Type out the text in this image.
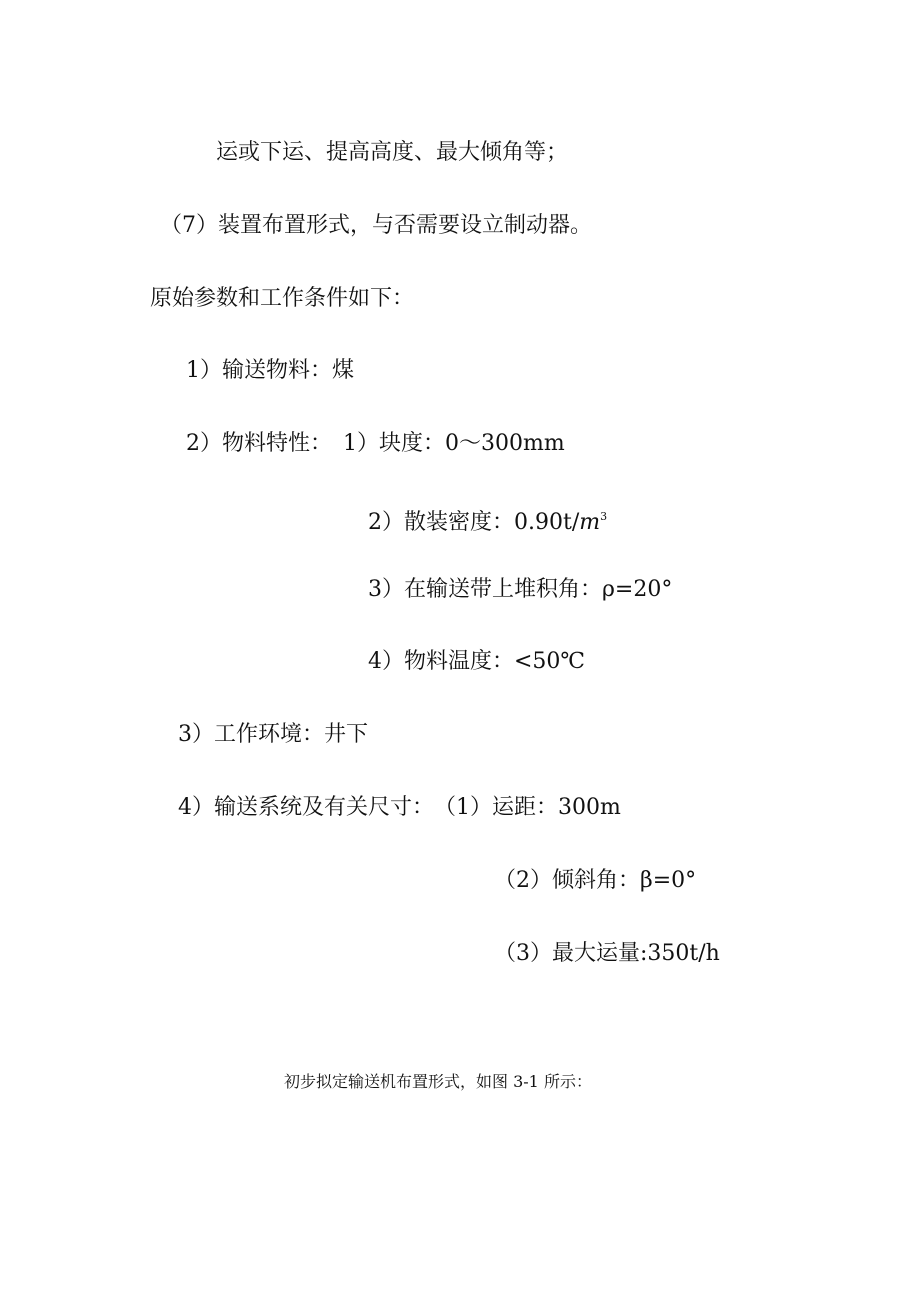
运或下运、提高高度、最大倾角等；
（7）装置布置形式，与否需要设立制动器。
原始参数和工作条件如下：
1）输送物料：煤
2）物料特性：　1）块度：0～300mm
2）散装密度：$0.90t/m^3$
3）在输送带上堆积角：ρ=20°
4）物料温度：<50℃
3）工作环境：井下
4）输送系统及有关尺寸：　（1）运距：300m
（2）倾斜角：β=0°
（3）最大运量:350t/h
初步拟定输送机布置形式，如图 3-1 所示：
